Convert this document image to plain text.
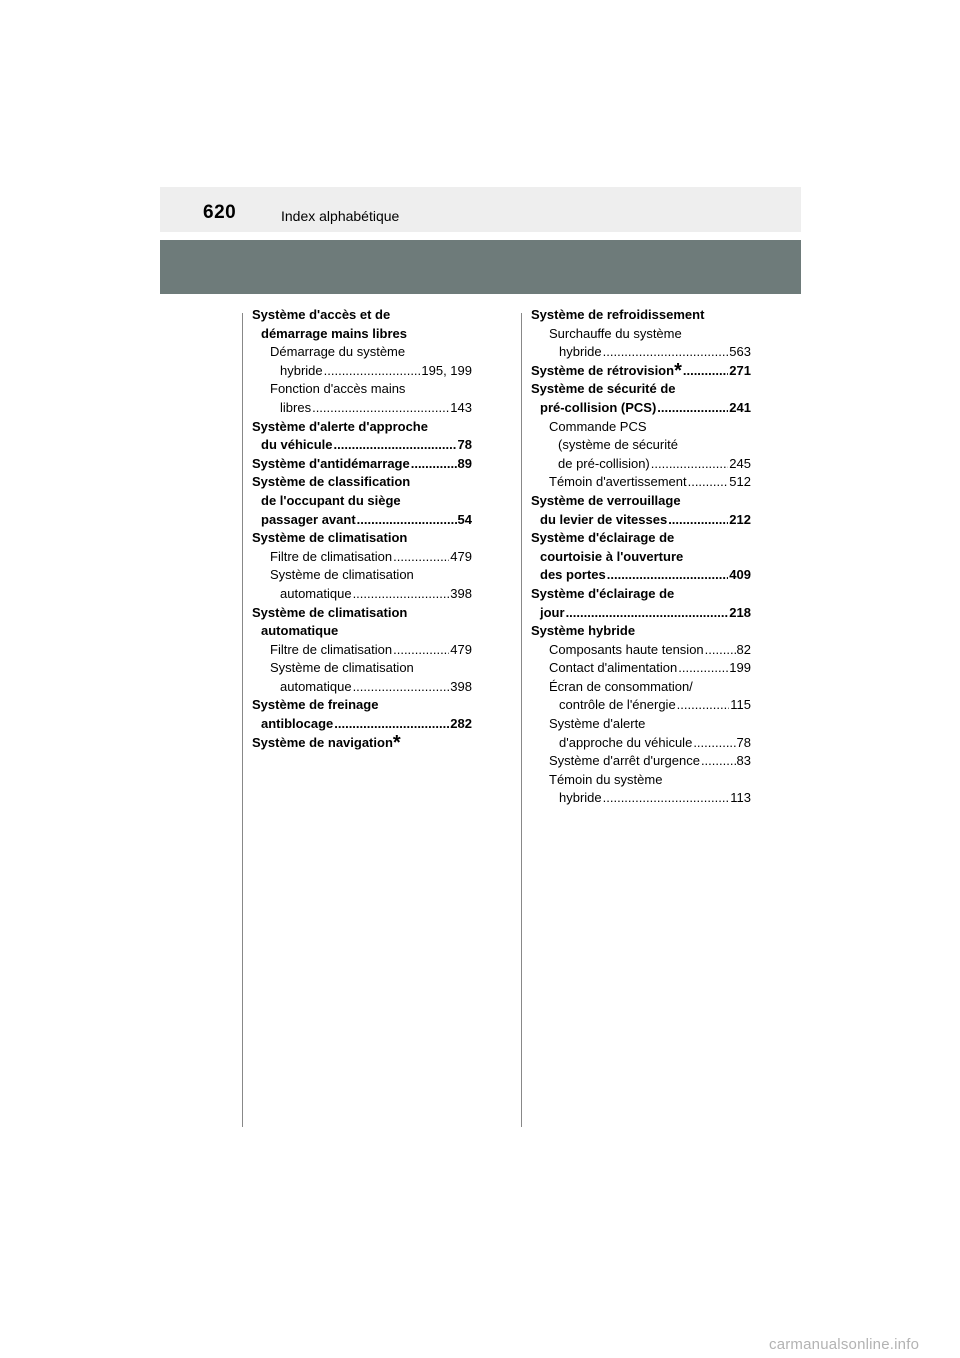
620	Index alphabétique
Système d'accès et de
démarrage mains libres
Démarrage du système
hybride .....	195, 199
Fonction d'accès mains
libres .....	143
Système d'alerte d'approche
du véhicule .....	78
Système d'antidémarrage .....	89
Système de classification
de l'occupant du siège
passager avant .....	54
Système de climatisation
Filtre de climatisation .....	479
Système de climatisation
automatique .....	398
Système de climatisation
automatique
Filtre de climatisation .....	479
Système de climatisation
automatique .....	398
Système de freinage
antiblocage .....	282
Système de navigation*
Système de refroidissement
Surchauffe du système
hybride .....	563
Système de rétrovision* .....	271
Système de sécurité de
pré-collision (PCS) .....	241
Commande PCS
(système de sécurité
de pré-collision) .....	245
Témoin d'avertissement .....	512
Système de verrouillage
du levier de vitesses .....	212
Système d'éclairage de
courtoisie à l'ouverture
des portes .....	409
Système d'éclairage de
jour .....	218
Système hybride
Composants haute tension .....	82
Contact d'alimentation .....	199
Écran de consommation/
contrôle de l'énergie .....	115
Système d'alerte
d'approche du véhicule .....	78
Système d'arrêt d'urgence .....	83
Témoin du système
hybride .....	113
carmanualsonline.info
